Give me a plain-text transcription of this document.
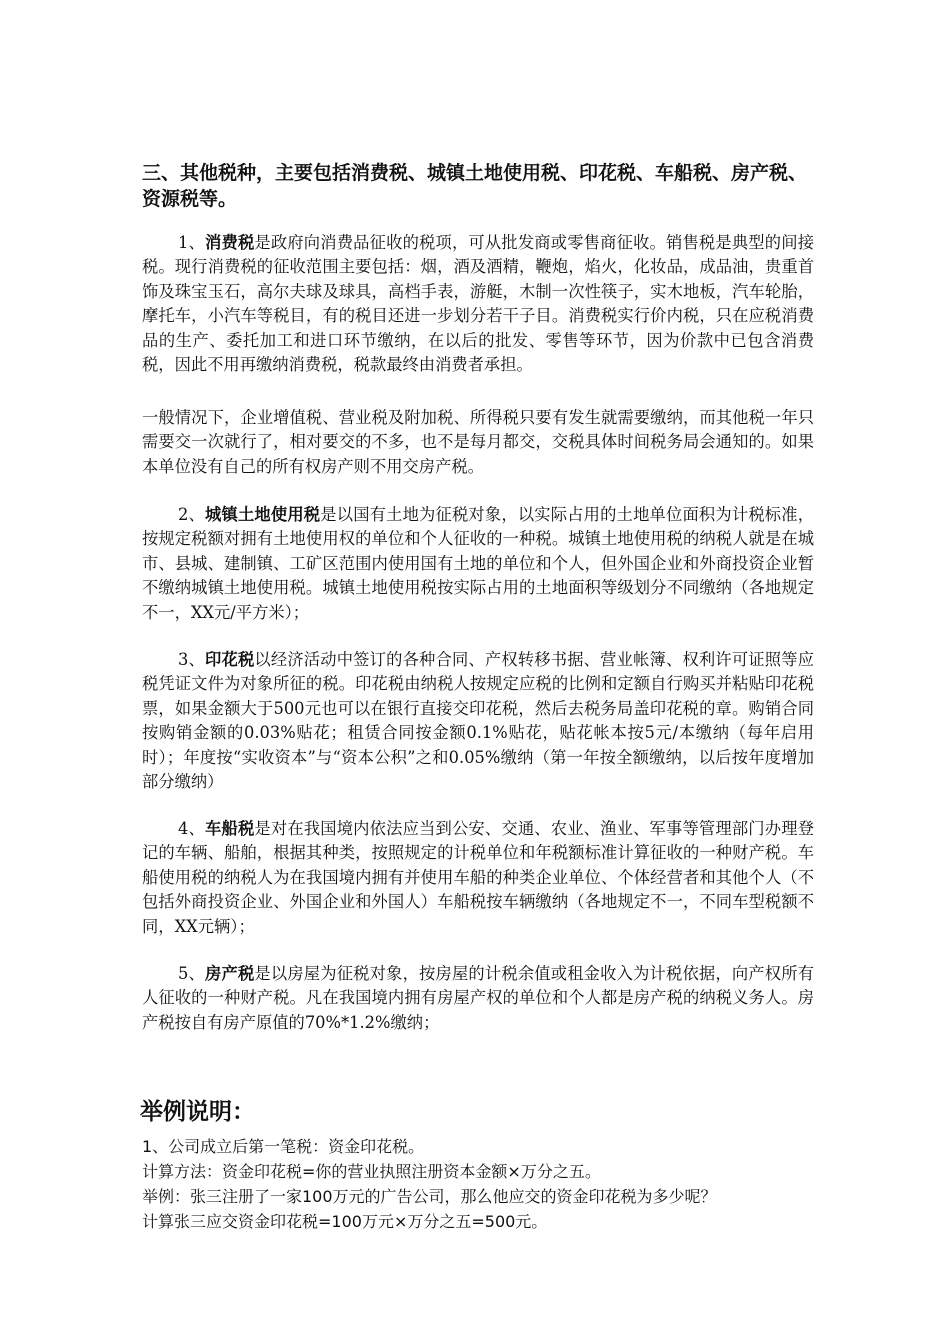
三、其他税种，主要包括消费税、城镇土地使用税、印花税、车船税、房产税、资源税等。
1、消费税是政府向消费品征收的税项，可从批发商或零售商征收。销售税是典型的间接税。现行消费税的征收范围主要包括：烟，酒及酒精，鞭炮，焰火，化妆品，成品油，贵重首饰及珠宝玉石，高尔夫球及球具，高档手表，游艇，木制一次性筷子，实木地板，汽车轮胎，摩托车，小汽车等税目，有的税目还进一步划分若干子目。消费税实行价内税，只在应税消费品的生产、委托加工和进口环节缴纳，在以后的批发、零售等环节，因为价款中已包含消费税，因此不用再缴纳消费税，税款最终由消费者承担。
一般情况下，企业增值税、营业税及附加税、所得税只要有发生就需要缴纳，而其他税一年只需要交一次就行了，相对要交的不多，也不是每月都交，交税具体时间税务局会通知的。如果本单位没有自己的所有权房产则不用交房产税。
2、城镇土地使用税是以国有土地为征税对象，以实际占用的土地单位面积为计税标准，按规定税额对拥有土地使用权的单位和个人征收的一种税。城镇土地使用税的纳税人就是在城市、县城、建制镇、工矿区范围内使用国有土地的单位和个人，但外国企业和外商投资企业暂不缴纳城镇土地使用税。城镇土地使用税按实际占用的土地面积等级划分不同缴纳（各地规定不一，XX元/平方米）；
3、印花税以经济活动中签订的各种合同、产权转移书据、营业帐簿、权利许可证照等应税凭证文件为对象所征的税。印花税由纳税人按规定应税的比例和定额自行购买并粘贴印花税票，如果金额大于500元也可以在银行直接交印花税，然后去税务局盖印花税的章。购销合同按购销金额的0.03%贴花；租赁合同按金额0.1%贴花，贴花帐本按5元/本缴纳（每年启用时）；年度按“实收资本”与“资本公积”之和0.05%缴纳（第一年按全额缴纳，以后按年度增加部分缴纳）
4、车船税是对在我国境内依法应当到公安、交通、农业、渔业、军事等管理部门办理登记的车辆、船舶，根据其种类，按照规定的计税单位和年税额标准计算征收的一种财产税。车船使用税的纳税人为在我国境内拥有并使用车船的种类企业单位、个体经营者和其他个人（不包括外商投资企业、外国企业和外国人）车船税按车辆缴纳（各地规定不一，不同车型税额不同，XX元辆）；
5、房产税是以房屋为征税对象，按房屋的计税余值或租金收入为计税依据，向产权所有人征收的一种财产税。凡在我国境内拥有房屋产权的单位和个人都是房产税的纳税义务人。房产税按自有房产原值的70%*1.2%缴纳；
举例说明：
1、公司成立后第一笔税：资金印花税。
计算方法：资金印花税=你的营业执照注册资本金额×万分之五。
举例：张三注册了一家100万元的广告公司，那么他应交的资金印花税为多少呢？
计算张三应交资金印花税=100万元×万分之五=500元。
